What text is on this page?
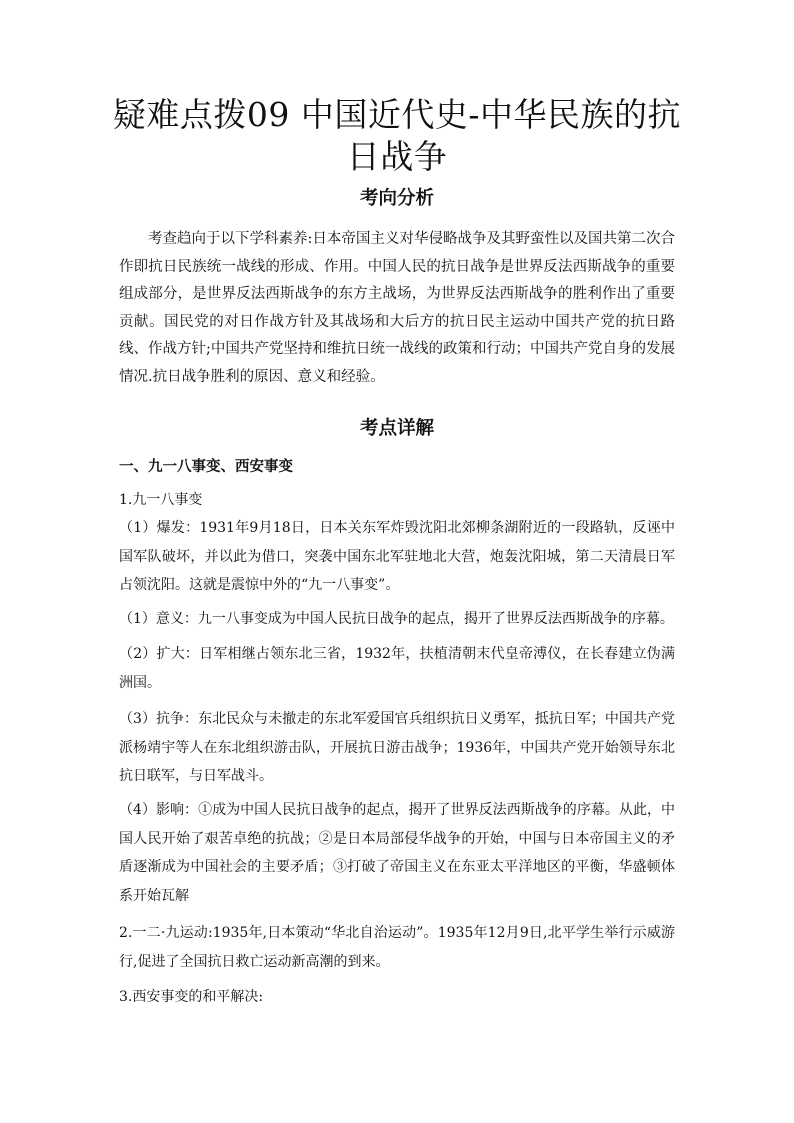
疑难点拨09 中国近代史-中华民族的抗日战争
考向分析
考查趋向于以下学科素养:日本帝国主义对华侵略战争及其野蛮性以及国共第二次合作即抗日民族统一战线的形成、作用。中国人民的抗日战争是世界反法西斯战争的重要组成部分，是世界反法西斯战争的东方主战场，为世界反法西斯战争的胜利作出了重要贡献。国民党的对日作战方针及其战场和大后方的抗日民主运动中国共产党的抗日路线、作战方针;中国共产党坚持和维抗日统一战线的政策和行动；中国共产党自身的发展情况.抗日战争胜利的原因、意义和经验。
考点详解
一、九一八事变、西安事变
1.九一八事变
（1）爆发：1931年9月18日，日本关东军炸毁沈阳北郊柳条湖附近的一段路轨，反诬中国军队破坏，并以此为借口，突袭中国东北军驻地北大营，炮轰沈阳城，第二天清晨日军占领沈阳。这就是震惊中外的“九一八事变”。
（1）意义：九一八事变成为中国人民抗日战争的起点，揭开了世界反法西斯战争的序幕。
（2）扩大：日军相继占领东北三省，1932年，扶植清朝末代皇帝溥仪，在长春建立伪满洲国。
（3）抗争：东北民众与未撤走的东北军爱国官兵组织抗日义勇军，抵抗日军；中国共产党派杨靖宇等人在东北组织游击队，开展抗日游击战争；1936年，中国共产党开始领导东北抗日联军，与日军战斗。
（4）影响：①成为中国人民抗日战争的起点，揭开了世界反法西斯战争的序幕。从此，中国人民开始了艰苦卓绝的抗战；②是日本局部侵华战争的开始，中国与日本帝国主义的矛盾逐渐成为中国社会的主要矛盾；③打破了帝国主义在东亚太平洋地区的平衡，华盛顿体系开始瓦解
2.一二·九运动:1935年,日本策动“华北自治运动”。1935年12月9日,北平学生举行示威游行,促进了全国抗日救亡运动新高潮的到来。
3.西安事变的和平解决:
